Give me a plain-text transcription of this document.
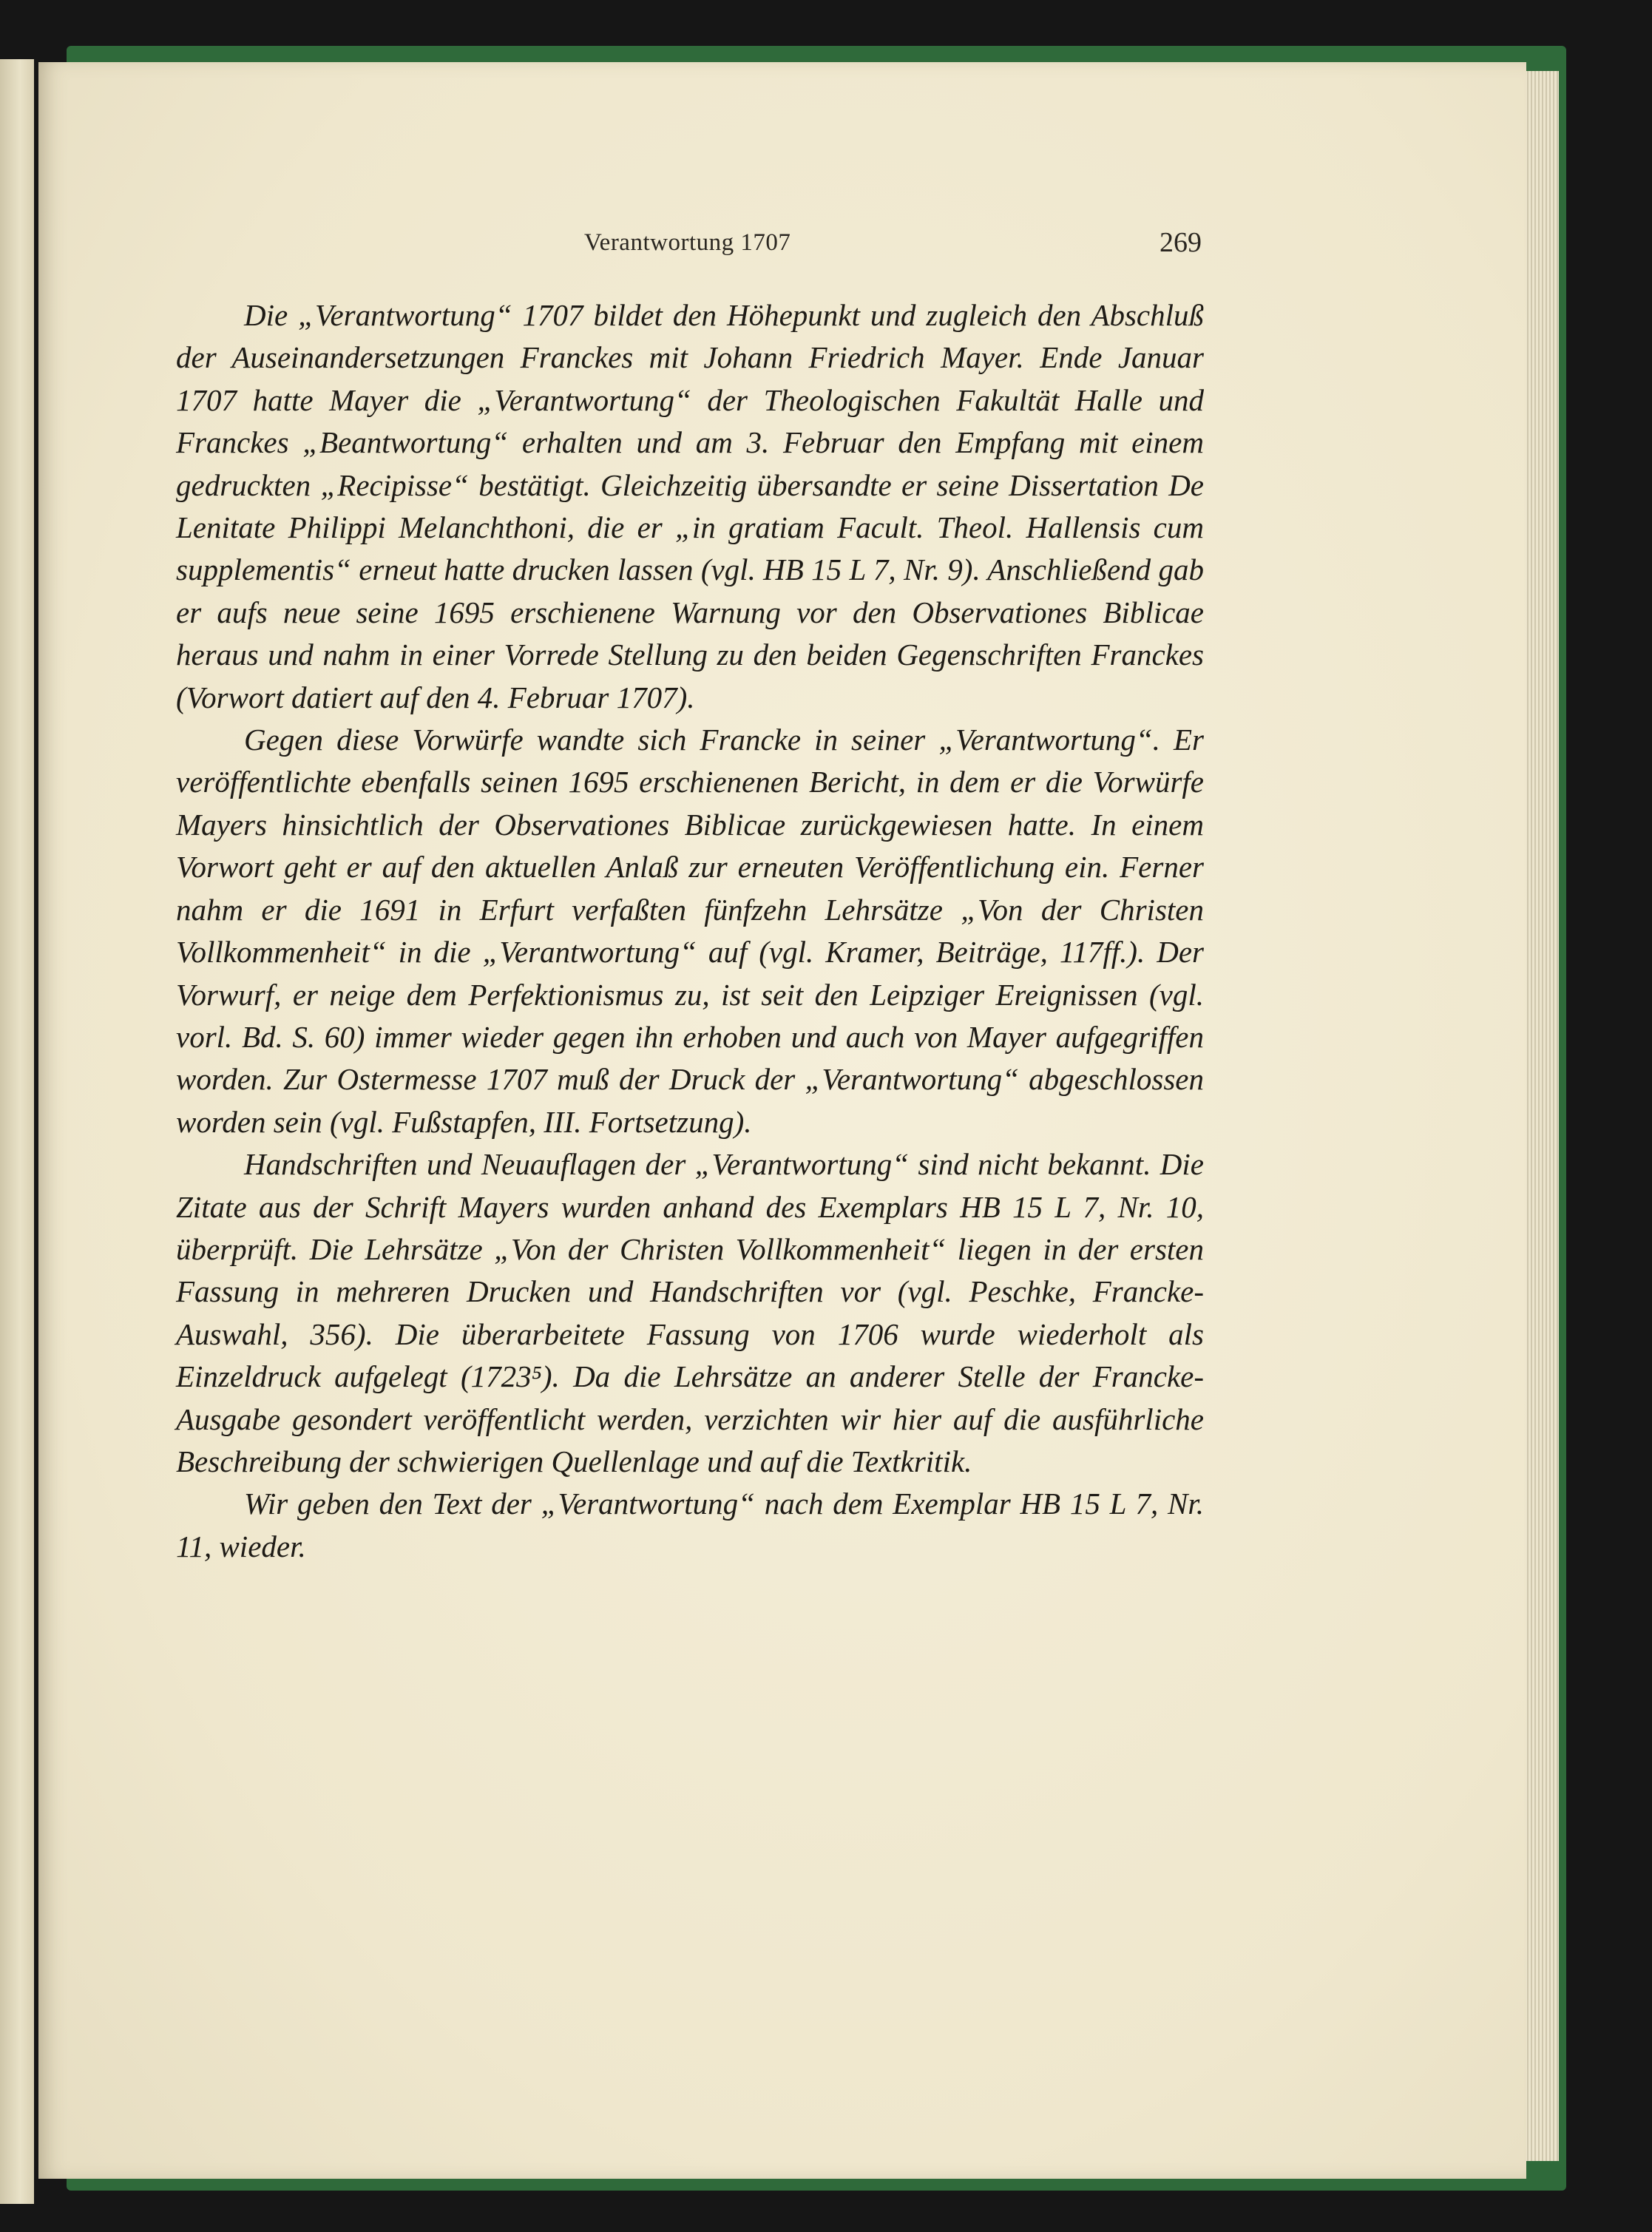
Verantwortung 1707	269

Die „Verantwortung“ 1707 bildet den Höhepunkt und zugleich den Abschluß der Auseinandersetzungen Franckes mit Johann Friedrich Mayer. Ende Januar 1707 hatte Mayer die „Verantwortung“ der Theologischen Fakultät Halle und Franckes „Beantwortung“ erhalten und am 3. Februar den Empfang mit einem gedruckten „Recipisse“ bestätigt. Gleichzeitig übersandte er seine Dissertation De Lenitate Philippi Melanchthoni, die er „in gratiam Facult. Theol. Hallensis cum supplementis“ erneut hatte drucken lassen (vgl. HB 15 L 7, Nr. 9). Anschließend gab er aufs neue seine 1695 erschienene Warnung vor den Observationes Biblicae heraus und nahm in einer Vorrede Stellung zu den beiden Gegenschriften Franckes (Vorwort datiert auf den 4. Februar 1707).

Gegen diese Vorwürfe wandte sich Francke in seiner „Verantwortung“. Er veröffentlichte ebenfalls seinen 1695 erschienenen Bericht, in dem er die Vorwürfe Mayers hinsichtlich der Observationes Biblicae zurückgewiesen hatte. In einem Vorwort geht er auf den aktuellen Anlaß zur erneuten Veröffentlichung ein. Ferner nahm er die 1691 in Erfurt verfaßten fünfzehn Lehrsätze „Von der Christen Vollkommenheit“ in die „Verantwortung“ auf (vgl. Kramer, Beiträge, 117ff.). Der Vorwurf, er neige dem Perfektionismus zu, ist seit den Leipziger Ereignissen (vgl. vorl. Bd. S. 60) immer wieder gegen ihn erhoben und auch von Mayer aufgegriffen worden. Zur Ostermesse 1707 muß der Druck der „Verantwortung“ abgeschlossen worden sein (vgl. Fußstapfen, III. Fortsetzung).

Handschriften und Neuauflagen der „Verantwortung“ sind nicht bekannt. Die Zitate aus der Schrift Mayers wurden anhand des Exemplars HB 15 L 7, Nr. 10, überprüft. Die Lehrsätze „Von der Christen Vollkommenheit“ liegen in der ersten Fassung in mehreren Drucken und Handschriften vor (vgl. Peschke, Francke-Auswahl, 356). Die überarbeitete Fassung von 1706 wurde wiederholt als Einzeldruck aufgelegt (1723⁵). Da die Lehrsätze an anderer Stelle der Francke-Ausgabe gesondert veröffentlicht werden, verzichten wir hier auf die ausführliche Beschreibung der schwierigen Quellenlage und auf die Textkritik.

Wir geben den Text der „Verantwortung“ nach dem Exemplar HB 15 L 7, Nr. 11, wieder.
